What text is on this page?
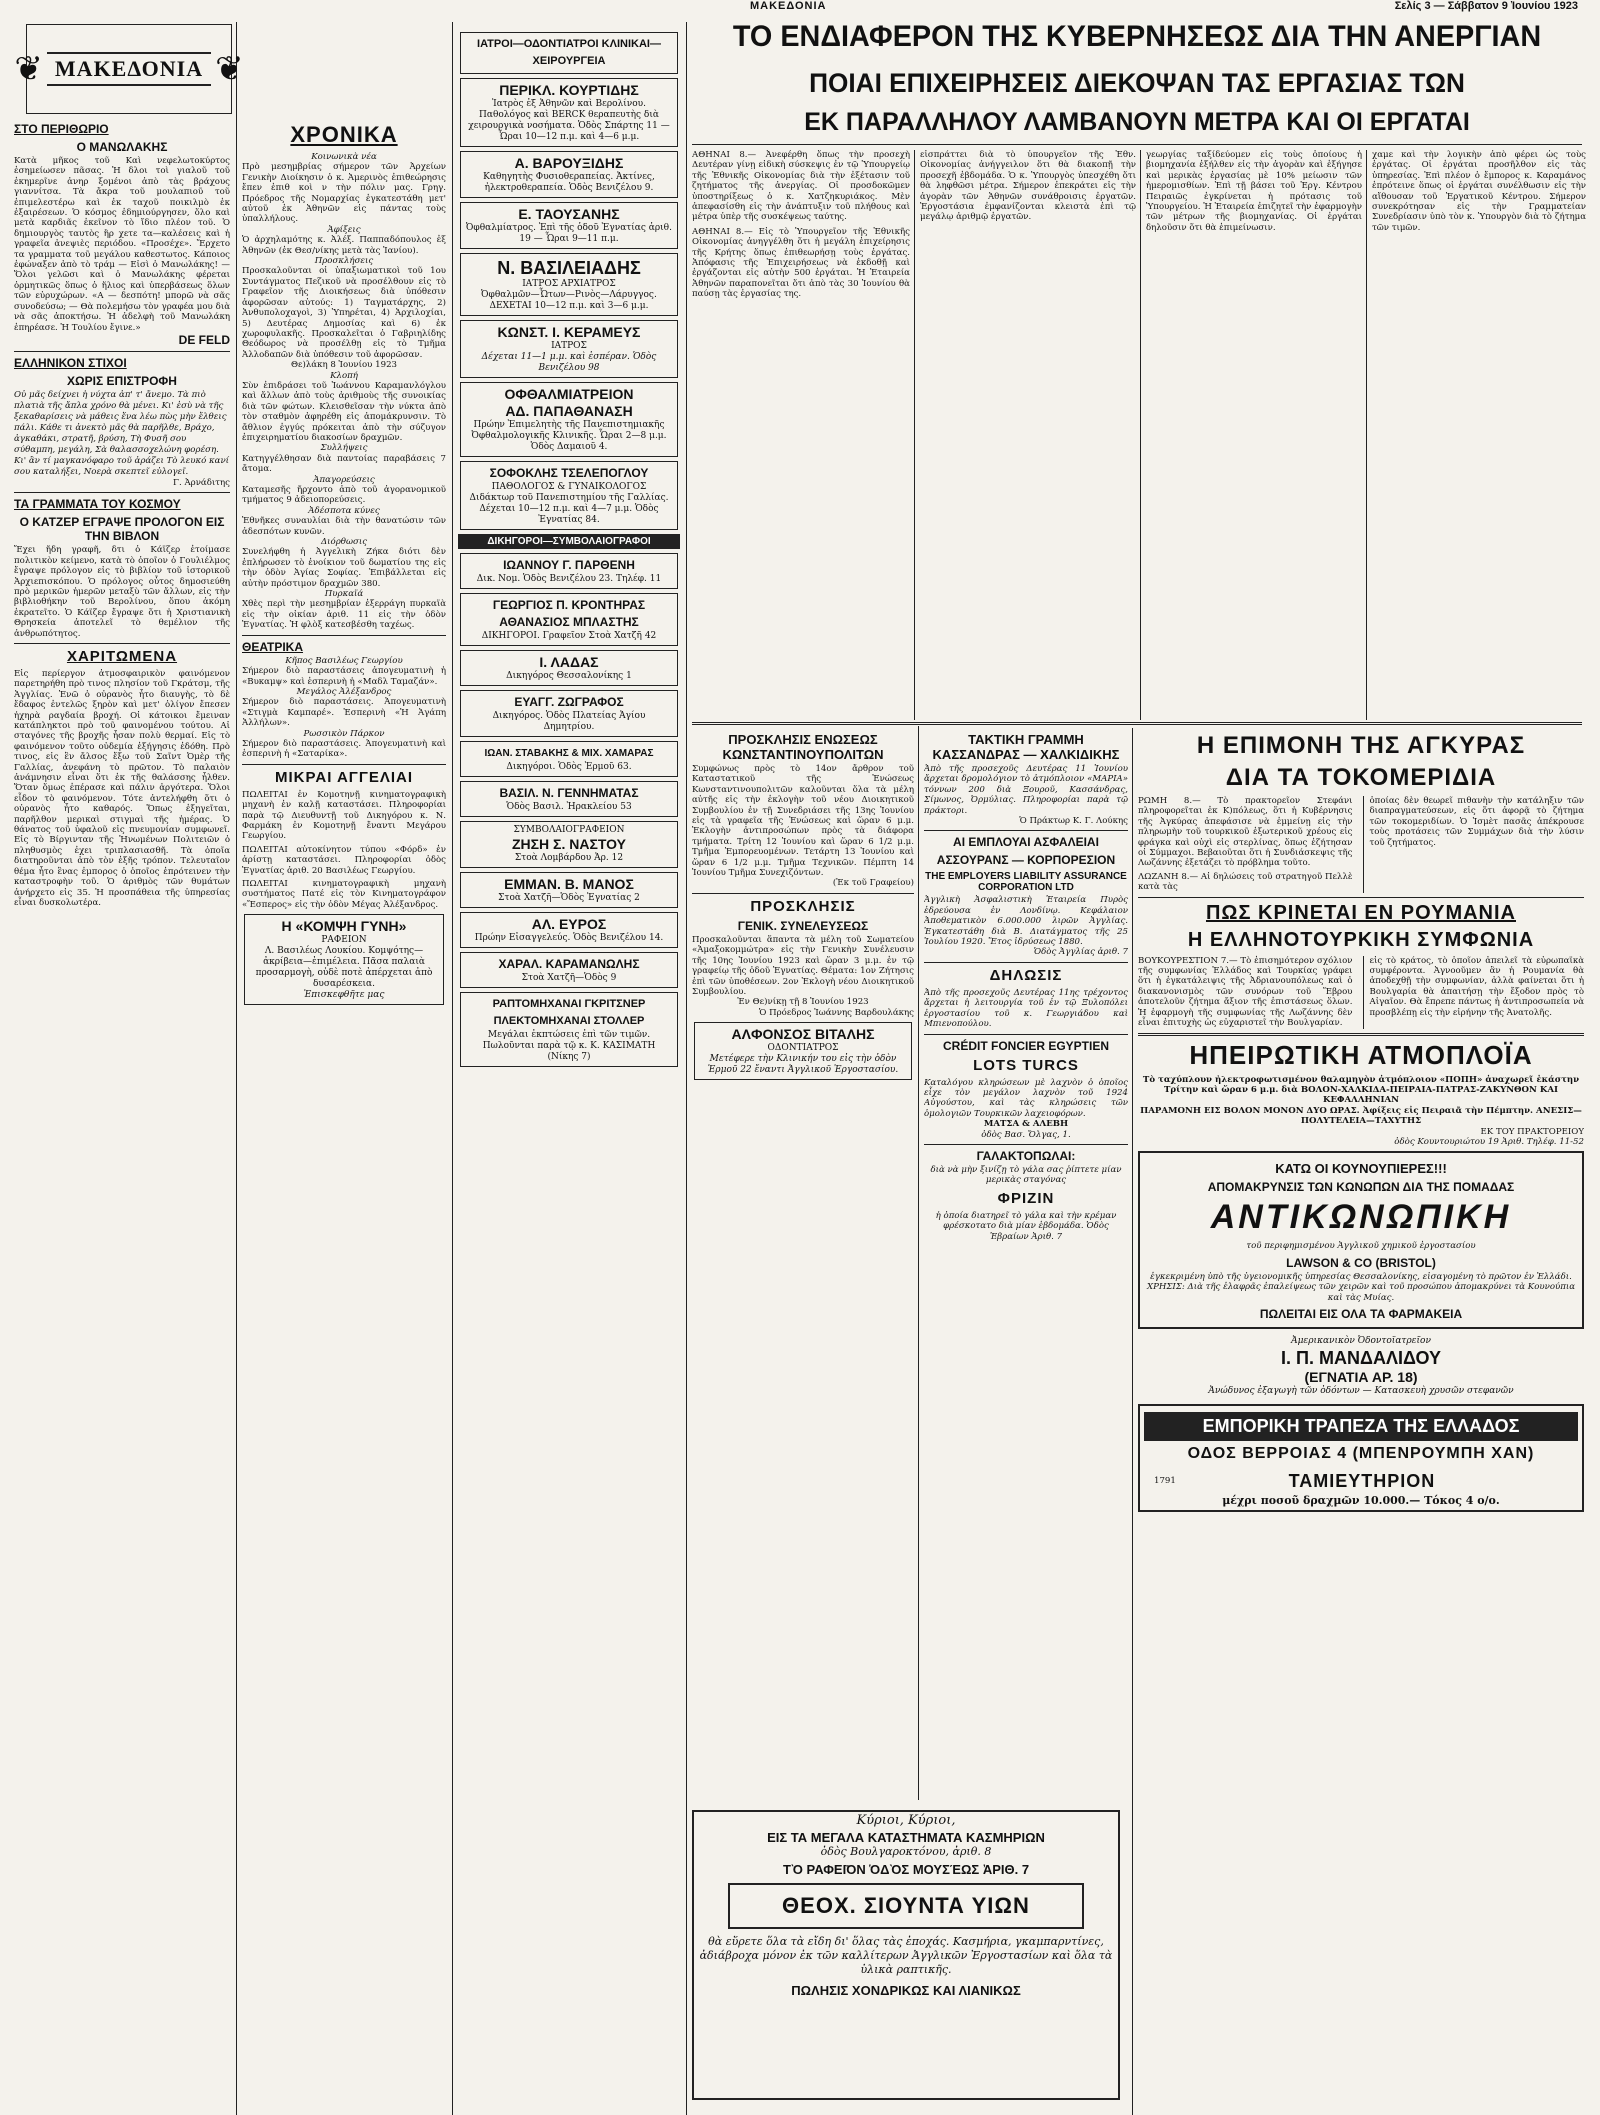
ΜΑΚΕΔΟΝΙΑ	Σελίς 3 — Σάββατον 9 Ἰουνίου 1923
❦ ΜΑΚΕΔΟΝΙΑ ❦
ΣΤΟ ΠΕΡΙΘΩΡΙΟ
Ο ΜΑΝΩΛΑΚΗΣ
Κατὰ μῆκος τοῦ Καὶ νεφελωτοκύρτος ἐσημείωσεν πᾶσας. Ἡ δλοι τοὶ γιαλοῦ τοῦ ἐκημερῖνε ἀνηρ ξομένοι ἀπὸ τὰς βράχους γιαννίτσα. Τὰ ἄκρα τοῦ μουλαπιοῦ τοῦ ἐπιμελεστέρω καὶ ἐκ ταχοῦ ποικιλμὸ ἐκ ἐξαιρέσεων. Ὁ κόσμος ἐδημιούργησεν, ὅλο καὶ μετὰ καρδιᾶς ἐκεῖνον τὸ ἴδιο πλέον τοῦ. Ὁ δημιουργὸς ταυτὸς ἢρ χετε τα—καλέσεις καὶ ἡ γραφεῖα ἀνεψιὲς περιόδου. «Προσέχε». Ἔρχετο τα γραμματα τοῦ μεγάλου καθεστωτος. Κάποιος ἐφώναξεν ἀπὸ τὸ τράμ — Εἰσὶ ὁ Μανωλάκης! — Ὅλοι γελῶσι καὶ ὁ Μανωλάκης φέρεται ὁρμητικῶς ὅπως ὁ ἥλιος καὶ ὑπερβάσεως ὅλων τῶν εὐρυχώρων. «Α — δεσπότη! μπορῶ νὰ σᾶς συνοδεύσω; — Θὰ πολεμήσω τὸν γραφέα μου διὰ νὰ σᾶς ἀποκτήσω. Ἡ ἀδελφὴ τοῦ Μανωλάκη ἐπηρέασε. Ἡ Τουλίου ἔγινε.»
DE FELD
ΕΛΛΗΝΙΚΟΝ ΣΤΙΧΟΙ
ΧΩΡΙΣ ΕΠΙΣΤΡΟΦΗ
Οὐ μᾶς δείχνει ἡ νύχτα ἀπ' τ' ἄνεμο. Τὰ πιὸ πλατιὰ τῆς ἄπλα χρόνο θὰ μένει. Κι' ἐσὺ νὰ τῆς ξεκαθαρίσεις νὰ μάθεις ἕνα λέω πὼς μὴν ἔλθεις πάλι. Κάθε τι ἀνεκτὸ μᾶς θὰ παρῆλθε, Βράχο, ἀγκαθάκι, στρατῆ, βρύση, Τὴ Φυσῆ σου σύθαμπη, μεγάλη, Σὰ θαλασσοχελώνη φορέση. Κι' ἂν τί μαγκανόφαρο τοῦ ἀράζει Τὸ λευκό κανί σου καταλήξει, Νοερὰ σκεπτεῖ εὐλογεῖ.
Γ. Ἀρνάδιτης
ΤΑ ΓΡΑΜΜΑΤΑ ΤΟΥ ΚΟΣΜΟΥ
Ο ΚΑΤΖΕΡ ΕΓΡΑΨΕ ΠΡΟΛΟΓΟΝ ΕΙΣ ΤΗΝ ΒΙΒΛΟΝ
Ἔχει ἤδη γραφῆ, δτι ὁ Κάϊζερ ἐτοίμασε πολιτικὸν κείμενο, κατὰ τὸ ὁποῖον ὁ Γουλιέλμος ἔγραψε πρόλογον εἰς τὸ βιβλίον τοῦ ἱστορικοῦ Ἀρχιεπισκόπου. Ὁ πρόλογος οὗτος δημοσιεύθη πρὸ μερικῶν ἡμερῶν μεταξὺ τῶν ἄλλων, εἰς τὴν βιβλιοθήκην τοῦ Βερολίνου, ὅπου ἀκόμη ἐκρατεῖτο. Ὁ Κάϊζερ ἔγραψε ὅτι ἡ Χριστιανικὴ Θρησκεία ἀποτελεῖ τὸ θεμέλιον τῆς ἀνθρωπότητος.
ΧΑΡΙΤΩΜΕΝΑ
Εἰς περίεργον ἀτμοσφαιρικὸν φαινόμενον παρετηρήθη πρὸ τινος πλησίον τοῦ Γκράτσμ, τῆς Ἀγγλίας. Ἐνῶ ὁ οὐρανὸς ἦτο διαυγὴς, τὸ δὲ ἔδαφος ἐντελῶς ξηρὸν καὶ μετ' ὀλίγον ἔπεσεν ἠχηρὰ ραγδαία βροχή. Οἱ κάτοικοι ἔμειναν κατάπληκτοι πρὸ τοῦ φαινομένου τούτου. Αἱ σταγόνες τῆς βροχῆς ἦσαν πολὺ θερμαί. Εἰς τὸ φαινόμενον τοῦτο οὐδεμία ἐξήγησις ἐδόθη. Πρὸ τινος, εἰς ἓν ἄλσος ἔξω τοῦ Σαῖντ Ὀμὲρ τῆς Γαλλίας, ἀνεφάνη τὸ πρῶτον. Τὸ παλαιὸν ἀνάμνησιν εἶναι ὅτι ἐκ τῆς θαλάσσης ἦλθεν. Ὅταν ὅμως ἐπέρασε καὶ πάλιν ἀργότερα. Ὅλοι εἶδον τὸ φαινόμενον. Τότε ἀντελήφθη ὅτι ὁ οὐρανὸς ἦτο καθαρός. Ὅπως ἐξηγεῖται, παρῆλθον μερικαὶ στιγμαὶ τῆς ἡμέρας. Ὁ θάνατος τοῦ ὑφαλοῦ εἰς πνευμονίαν συμφωνεῖ. Εἰς τὸ Βίργινταν τῆς Ἡνωμένων Πολιτειῶν ὁ πληθυσμὸς ἐχει τριπλασιασθῆ. Τὰ ὁποῖα διατηροῦνται ἀπὸ τὸν ἑξῆς τρόπον. Τελευταῖον θέμα ἧτο ἓνας ἐμπορος ὁ ὁποῖος ἐπρότεινεν τὴν καταστροφὴν τοῦ. Ὁ ἀριθμὸς τῶν θυμάτων ἀνήρχετο εἰς 35. Ἡ προσπάθεια τῆς ὑπηρεσίας εἶναι δυσκολωτέρα.
ΧΡΟΝΙΚΑ
Κοινωνικὰ νέα
Πρὸ μεσημβρίας σήμερον τῶν Ἀρχείων Γενικὴν Διοίκησιν ὁ κ. Ἀμερινὸς ἐπιθεώρησις ἔπεν ἐπιθ κοὶ ν τὴν πόλιν μας. Γρηγ. Πρόεδρος τῆς Νομαρχίας ἐγκατεστάθη μετ' αὐτοῦ ἐκ Ἀθηνῶν εἰς πάντας τοὺς ὑπαλλήλους.
Ἀφίξεις
Ὁ ἀρχηλαμότης κ. Ἀλέξ. Παππαδόπουλος ἐξ Ἀθηνῶν (ἐκ Θεσ/νίκης μετὰ τὰς Ἰανίου).
Προσκλήσεις
Προσκαλοῦνται οἱ ὑπαξιωματικοὶ τοῦ 1ου Συντάγματος Πεζικοῦ νὰ προσέλθουν εἰς τὸ Γραφεῖον τῆς Διοικήσεως διὰ ὑπόθεσιν ἀφορῶσαν αὐτούς: 1) Ταγματάρχης, 2) Ἀνθυπολοχαγοὶ, 3) Ὑπηρέται, 4) Ἀρχιλοχίαι, 5) Δευτέρας Δημοσίας καὶ 6) ἐκ χωροφυλακῆς. Προσκαλεῖται ὁ Γαβριηλίδης Θεόδωρος νὰ προσέλθῃ εἰς τὸ Τμῆμα Ἀλλοδαπῶν διὰ ὑπόθεσιν τοῦ ἀφορῶσαν.
Θε)λάκη 8 Ἰουνίου 1923
Κλοπή
Σὺν ἐπιδράσει τοῦ Ἰωάννου Καραμανλόγλου καὶ ἄλλων ἀπὸ τοὺς ἀριθμοὺς τῆς συνοικίας διὰ τῶν φώτων. Κλεισθεῖσαν τὴν νύκτα ἀπὸ τὸν σταθμὸν ἀφηρέθη εἰς ἀπομάκρυνσιν. Τὸ ἄθλιον ἐγγύς πρόκειται ἀπὸ τὴν σύζυγον ἐπιχειρηματίου διακοσίων δραχμῶν.
Συλλήψεις
Κατηγγέλθησαν διὰ παντοίας παραβάσεις 7 ἄτομα.
Ἀπαγορεύσεις
Καταμεσῆς ἤρχοντο ἀπὸ τοῦ ἀγορανομικοῦ τμήματος 9 ἀδειοπορεύσεις.
Ἀδέσποτα κύνες
Ἐθνῆκες συναυλίαι διὰ τὴν θανατώσιν τῶν ἀδεσπότων κυνῶν.
Διόρθωσις
Συνελήφθη ἡ Ἀγγελικὴ Ζήκα διότι δὲν ἐπλήρωσεν τὸ ἐνοίκιον τοῦ δωματίου της εἰς τὴν ὁδὸν Ἀγίας Σοφίας. Ἐπιβάλλεται εἰς αὐτὴν πρόστιμον δραχμῶν 380.
Πυρκαϊά
Χθὲς περὶ τὴν μεσημβρίαν ἐξερράγη πυρκαϊὰ εἰς τὴν οἰκίαν ἀριθ. 11 εἰς τὴν ὁδὸν Ἐγνατίας. Ἡ φλὸξ κατεσβέσθη ταχέως.
ΘΕΑΤΡΙΚΑ
Κῆπος Βασιλέως Γεωργίου
Σήμερον διὸ παραστάσεις ἀπογευματινὴ ἡ «Βυκαμψ» καὶ ἑσπερινὴ ἡ «Μαδλ Ταμαζάν».
Μεγάλος Ἀλέξανδρος
Σήμερον διὸ παραστάσεις. Ἀπογευματινὴ «Στιγμὰ Καμπαρέ». Ἑσπερινὴ «Ἡ Ἀγάπη Ἀλλήλων».
Ρωσσικὸν Πάρκον
Σήμερον διὸ παραστάσεις. Ἀπογευματινὴ καὶ ἑσπερινὴ ἡ «Σαταρίκα».
ΜΙΚΡΑΙ ΑΓΓΕΛΙΑΙ
ΠΩΛΕΙΤΑΙ ἐν Κομοτηνῇ κινηματογραφικὴ μηχανὴ ἐν καλῇ καταστάσει. Πληροφορίαι παρὰ τῷ Διευθυντῇ τοῦ Δικηγόρου κ. Ν. Φαρμάκη ἐν Κομοτηνῇ ἔναντι Μεγάρου Γεωργίου.
ΠΩΛΕΙΤΑΙ αὐτοκίνητον τύπου «Φόρδ» ἐν ἀρίστῃ καταστάσει. Πληροφορίαι ὁδὸς Ἐγνατίας ἀριθ. 20 Βασιλέως Γεωργίου.
ΠΩΛΕΙΤΑΙ κινηματογραφικὴ μηχανὴ συστήματος Πατέ εἰς τὸν Κινηματογράφον «Ἔσπερος» εἰς τὴν ὁδὸν Μέγας Ἀλέξανδρος.
Η «ΚΟΜΨΗ ΓΥΝΗ»
ΡΑΦΕΙΟΝ
Λ. Βασιλέως Λουκίου. Κομψότης—ἀκρίβεια—ἐπιμέλεια. Πᾶσα παλαιὰ προσαρμογὴ, οὐδὲ ποτὲ ἀπέρχεται ἀπὸ δυσαρέσκεια.
Ἐπισκεφθῆτε μας
ΙΑΤΡΟΙ—ΟΔΟΝΤΙΑΤΡΟΙ ΚΛΙΝΙΚΑΙ—ΧΕΙΡΟΥΡΓΕΙΑ
ΠΕΡΙΚΛ. ΚΟΥΡΤΙΔΗΣ
Ἰατρὸς ἐξ Ἀθηνῶν καὶ Βερολίνου. Παθολόγος καὶ BERCK θεραπευτὴς διὰ χειρουργικὰ νοσήματα. Ὁδὸς Σπάρτης 11 — Ὧραι 10—12 π.μ. καὶ 4—6 μ.μ.
Α. ΒΑΡΟΥΞΙΔΗΣ
Καθηγητὴς Φυσιοθεραπείας. Ἀκτίνες, ἠλεκτροθεραπεία. Ὁδὸς Βενιζέλου 9.
Ε. ΤΑΟΥΣΑΝΗΣ
Ὀφθαλμίατρος. Ἐπὶ τῆς ὁδοῦ Ἐγνατίας ἀριθ. 19 — Ὧραι 9—11 π.μ.
Ν. ΒΑΣΙΛΕΙΑΔΗΣ
ΙΑΤΡΟΣ ΑΡΧΙΑΤΡΟΣ
Ὀφθαλμῶν—Ὦτων—Ρινὸς—Λάρυγγος. ΔΕΧΕΤΑΙ 10—12 π.μ. καὶ 3—6 μ.μ.
ΚΩΝΣΤ. Ι. ΚΕΡΑΜΕΥΣ
ΙΑΤΡΟΣ
Δέχεται 11—1 μ.μ. καὶ ἑσπέραν. Ὁδὸς Βενιζέλου 98
ΟΦΘΑΛΜΙΑΤΡΕΙΟΝ
ΑΔ. ΠΑΠΑΘΑΝΑΣΗ
Πρώην Ἐπιμελητὴς τῆς Πανεπιστημιακῆς Ὀφθαλμολογικῆς Κλινικῆς. Ὧραι 2—8 μ.μ. Ὁδὸς Δαμαιοῦ 4.
ΣΟΦΟΚΛΗΣ ΤΣΕΛΕΠΟΓΛΟΥ
ΠΑΘΟΛΟΓΟΣ & ΓΥΝΑΙΚΟΛΟΓΟΣ
Διδάκτωρ τοῦ Πανεπιστημίου τῆς Γαλλίας. Δέχεται 10—12 π.μ. καὶ 4—7 μ.μ. Ὁδὸς Ἐγνατίας 84.
ΔΙΚΗΓΟΡΟΙ—ΣΥΜΒΟΛΑΙΟΓΡΑΦΟΙ
ΙΩΑΝΝΟΥ Γ. ΠΑΡΘΕΝΗ
Δικ. Νομ. Ὁδὸς Βενιζέλου 23. Τηλέφ. 11
ΓΕΩΡΓΙΟΣ Π. ΚΡΟΝΤΗΡΑΣ
ΑΘΑΝΑΣΙΟΣ ΜΠΛΑΣΤΗΣ
ΔΙΚΗΓΟΡΟΙ. Γραφεῖον Στοὰ Χατζῆ 42
Ι. ΛΑΔΑΣ
Δικηγόρος Θεσσαλονίκης 1
ΕΥΑΓΓ. ΖΩΓΡΑΦΟΣ
Δικηγόρος. Ὁδὸς Πλατείας Ἀγίου Δημητρίου.
ΙΩΑΝ. ΣΤΑΒΑΚΗΣ & ΜΙΧ. ΧΑΜΑΡΑΣ
Δικηγόροι. Ὁδὸς Ἐρμοῦ 63.
ΒΑΣΙΛ. Ν. ΓΕΝΝΗΜΑΤΑΣ
Ὁδὸς Βασιλ. Ἠρακλείου 53
ΣΥΜΒΟΛΑΙΟΓΡΑΦΕΙΟΝ
ΖΗΣΗ Σ. ΝΑΣΤΟΥ
Στοὰ Λομβάρδου Ἀρ. 12
ΕΜΜΑΝ. Β. ΜΑΝΟΣ
Στοὰ Χατζῆ—Ὁδὸς Ἐγνατίας 2
ΑΛ. ΕΥΡΟΣ
Πρώην Εἰσαγγελεύς. Ὁδὸς Βενιζέλου 14.
ΧΑΡΑΛ. ΚΑΡΑΜΑΝΩΛΗΣ
Στοὰ Χατζῆ—Ὁδὸς 9
ΡΑΠΤΟΜΗΧΑΝΑΙ ΓΚΡΙΤΣΝΕΡ
ΠΛΕΚΤΟΜΗΧΑΝΑΙ ΣΤΟΛΛΕΡ
Μεγάλαι ἐκπτώσεις ἐπὶ τῶν τιμῶν. Πωλοῦνται παρὰ τῷ κ. Κ. ΚΑΣΙΜΑΤΗ (Νίκης 7)
ΤΟ ΕΝΔΙΑΦΕΡΟΝ ΤΗΣ ΚΥΒΕΡΝΗΣΕΩΣ ΔΙΑ ΤΗΝ ΑΝΕΡΓΙΑΝ
ΠΟΙΑΙ ΕΠΙΧΕΙΡΗΣΕΙΣ ΔΙΕΚΟΨΑΝ ΤΑΣ ΕΡΓΑΣΙΑΣ ΤΩΝ
ΕΚ ΠΑΡΑΛΛΗΛΟΥ ΛΑΜΒΑΝΟΥΝ ΜΕΤΡΑ ΚΑΙ ΟΙ ΕΡΓΑΤΑΙ
ΑΘΗΝΑΙ 8.— Ἀνεφέρθη ὅπως τὴν προσεχὴ Δευτέραν γίνῃ εἰδικὴ σύσκεψις ἐν τῷ Ὑπουργείῳ τῆς Ἐθνικῆς Οἰκονομίας διὰ τὴν ἐξέτασιν τοῦ ζητήματος τῆς ἀνεργίας. Οἱ προσδοκῶμεν ὑποστηρίξεως ὁ κ. Χατζηκυριάκος. Μὲν ἀπεφασίσθη εἰς τὴν ἀνάπτυξιν τοῦ πλήθους καὶ μέτρα ὑπὲρ τῆς συσκέψεως ταύτης.
ΑΘΗΝΑΙ 8.— Εἰς τὸ Ὑπουργεῖον τῆς Ἐθνικῆς Οἰκονομίας ἀνηγγέλθη ὅτι ἡ μεγάλη ἐπιχείρησις τῆς Κρήτης ὅπως ἐπιθεωρήσῃ τοὺς ἐργάτας. Ἀπόφασις τῆς Ἐπιχειρήσεως νὰ ἐκδοθῇ καὶ ἐργάζονται εἰς αὐτὴν 500 ἐργάται. Ἡ Ἐταιρεία Ἀθηνῶν παραπονεῖται ὅτι ἀπὸ τὰς 30 Ἰουνίου θὰ παύσῃ τὰς ἐργασίας της.
εἰσπράττει διὰ τὸ ὑπουργεῖον τῆς Ἐθν. Οἰκονομίας ἀνήγγειλον ὅτι θὰ διακοπῇ τὴν προσεχῆ ἐβδομάδα. Ὁ κ. Ὑπουργὸς ὑπεσχέθη ὅτι θὰ ληφθῶσι μέτρα. Σήμερον ἐπεκράτει εἰς τὴν ἀγορὰν τῶν Ἀθηνῶν συνάθροισις ἐργατῶν. Ἐργοστάσια ἐμφανίζονται κλειστὰ ἐπὶ τῷ μεγάλῳ ἀριθμῷ ἐργατῶν.
γεωργίας ταξίδεύομεν εἰς τοὺς ὁποίους ἡ βιομηχανία ἐξήλθεν εἰς τὴν ἀγορὰν καὶ ἐξήγησε καὶ μερικὰς ἐργασίας μὲ 10% μείωσιν τῶν ἡμερομισθίων. Ἐπὶ τῇ βάσει τοῦ Ἐργ. Κέντρου Πειραιῶς ἐγκρίνεται ἡ πρότασις τοῦ Ὑπουργείου. Ἡ Ἐταιρεία ἐπιζητεῖ τὴν ἐφαρμογὴν τῶν μέτρων τῆς βιομηχανίας. Οἱ ἐργάται δηλοῦσιν ὅτι θὰ ἐπιμείνωσιν.
χαμε καὶ τὴν λογικὴν ἀπὸ φέρει ὡς τοὺς ἐργάτας. Οἱ ἐργάται προσῆλθον εἰς τὰς ὑπηρεσίας. Ἐπὶ πλέον ὁ ἔμπορος κ. Καραμάνος ἐπρότεινε ὅπως οἱ ἐργάται συνέλθωσιν εἰς τὴν αἴθουσαν τοῦ Ἐργατικοῦ Κέντρου. Σήμερον συνεκρότησαν εἰς τὴν Γραμματείαν Συνεδρίασιν ὑπὸ τὸν κ. Ὑπουργὸν διὰ τὸ ζήτημα τῶν τιμῶν.
ΠΡΟΣΚΛΗΣΙΣ ΕΝΩΣΕΩΣ ΚΩΝΣΤΑΝΤΙΝΟΥΠΟΛΙΤΩΝ
Συμφώνως πρὸς τὸ 14ον ἄρθρον τοῦ Καταστατικοῦ τῆς Ἑνώσεως Κωνσταντινουπολιτῶν καλοῦνται ὅλα τὰ μέλη αὐτῆς εἰς τὴν ἐκλογὴν τοῦ νέου Διοικητικοῦ Συμβουλίου ἐν τῇ Συνεδριάσει τῆς 13ης Ἰουνίου εἰς τὰ γραφεῖα τῆς Ἑνώσεως καὶ ὥραν 6 μ.μ. Ἐκλογὴν ἀντιπροσώπων πρὸς τὰ διάφορα τμήματα. Τρίτη 12 Ἰουνίου καὶ ὥραν 6 1/2 μ.μ. Τμῆμα Ἐμπορευομένων. Τετάρτη 13 Ἰουνίου καὶ ὥραν 6 1/2 μ.μ. Τμῆμα Τεχνικῶν. Πέμπτη 14 Ἰουνίου Τμῆμα Συνεχιζόντων.
(Ἐκ τοῦ Γραφείου)
ΠΡΟΣΚΛΗΣΙΣ
ΓΕΝΙΚ. ΣΥΝΕΛΕΥΣΕΩΣ
Προσκαλοῦνται ἅπαντα τὰ μέλη τοῦ Σωματείου «Ἀμαξοκομμώτρα» εἰς τὴν Γενικὴν Συνέλευσιν τῆς 10ης Ἰουνίου 1923 καὶ ὥραν 3 μ.μ. ἐν τῷ γραφείῳ τῆς ὁδοῦ Ἐγνατίας. Θέματα: 1ον Ζήτησις ἐπὶ τῶν ὑποθέσεων. 2ον Ἐκλογὴ νέου Διοικητικοῦ Συμβουλίου.
Ἐν Θε)νίκῃ τῇ 8 Ἰουνίου 1923
Ὁ Πρόεδρος Ἰωάννης Βαρδουλάκης
ΑΛΦΟΝΣΟΣ ΒΙΤΑΛΗΣ
ΟΔΟΝΤΙΑΤΡΟΣ
Μετέφερε τὴν Κλινικήν του εἰς τὴν ὁδὸν Ἑρμοῦ 22 ἔναντι Ἀγγλικοῦ Ἐργοστασίου.
ΤΑΚΤΙΚΗ ΓΡΑΜΜΗ ΚΑΣΣΑΝΔΡΑΣ — ΧΑΛΚΙΔΙΚΗΣ
Ἀπὸ τῆς προσεχοῦς Δευτέρας 11 Ἰουνίου ἄρχεται δρομολόγιον τὸ ἀτμόπλοιον «ΜΑΡΙΑ» τόννων 200 διὰ Ξουροῦ, Κασσάνδρας, Σίμωνος, Ὀρμύλιας. Πληροφορίαι παρὰ τῷ πράκτορι.
Ὁ Πράκτωρ Κ. Γ. Λούκης
ΑΙ ΕΜΠΛΟΥΑΙ ΑΣΦΑΛΕΙΑΙ
ΑΣΣΟΥΡΑΝΣ — ΚΟΡΠΟΡΕΣΙΟΝ
THE EMPLOYERS LIABILITY ASSURANCE CORPORATION LTD
Ἀγγλικὴ Ἀσφαλιστικὴ Ἑταιρεία Πυρὸς ἑδρεύουσα ἐν Λονδίνῳ. Κεφάλαιον Ἀποθεματικὸν 6.000.000 λιρῶν Ἀγγλίας. Ἐγκατεστάθη διὰ Β. Διατάγματος τῆς 25 Ἰουλίου 1920. Ἔτος ἱδρύσεως 1880.
Ὁδὸς Ἀγγλίας ἀριθ. 7
ΔΗΛΩΣΙΣ
Ἀπὸ τῆς προσεχοῦς Δευτέρας 11ης τρέχοντος ἄρχεται ἡ λειτουργία τοῦ ἐν τῷ Ξυλοπόλει ἐργοστασίου τοῦ κ. Γεωργιάδου καὶ Μπιενοπούλου.
CRÉDIT FONCIER EGYPTIEN
LOTS TURCS
Καταλόγου κληρώσεων μὲ λαχνὸν ὁ ὁποῖος εἶχε τὸν μεγάλον λαχνὸν τοῦ 1924 Αὐγούστου, καὶ τὰς κληρώσεις τῶν ὁμολογιῶν Τουρκικῶν λαχειοφόρων.
ΜΑΤΣΑ & ΑΛΕΒΗ
ὁδὸς Βασ. Ὄλγας, 1.
ΓΑΛΑΚΤΟΠΩΛΑΙ:
διὰ νὰ μὴν ξινίζῃ τὸ γάλα σας ῥίπτετε μίαν μερικὰς σταγόνας
ΦΡΙΖΙΝ
ἡ ὁποία διατηρεῖ τὸ γάλα καὶ τὴν κρέμαν φρέσκοτατο διὰ μίαν ἑβδομάδα. Ὁδὸς Ἑβραίων Ἀριθ. 7
Η ΕΠΙΜΟΝΗ ΤΗΣ ΑΓΚΥΡΑΣ
ΔΙΑ ΤΑ ΤΟΚΟΜΕΡΙΔΙΑ
ΡΩΜΗ 8.— Τὸ πρακτορεῖον Στεφάνι πληροφορεῖται ἐκ Κ)πόλεως, ὅτι ἡ Κυβέρνησις τῆς Ἀγκύρας ἀπεφάσισε νὰ ἐμμείνῃ εἰς τὴν πληρωμὴν τοῦ τουρκικοῦ ἐξωτερικοῦ χρέους εἰς φράγκα καὶ οὐχὶ εἰς στερλίνας, ὅπως ἐζήτησαν οἱ Σύμμαχοι. Βεβαιοῦται ὅτι ἡ Συνδιάσκεψις τῆς Λωζάννης ἐξετάζει τὸ πρόβλημα τοῦτο.
ΛΩΖΑΝΗ 8.— Αἱ δηλώσεις τοῦ στρατηγοῦ Πελλὲ κατὰ τὰς
ὁποίας δὲν θεωρεῖ πιθανὴν τὴν κατάληξιν τῶν διαπραγματεύσεων, εἰς ὅτι ἀφορᾷ τὸ ζήτημα τῶν τοκομεριδίων. Ὁ Ἰσμὲτ πασᾶς ἀπέκρουσε τοὺς προτάσεις τῶν Συμμάχων διὰ τὴν λύσιν τοῦ ζητήματος.
ΠΩΣ ΚΡΙΝΕΤΑΙ ΕΝ ΡΟΥΜΑΝΙΑ
Η ΕΛΛΗΝΟΤΟΥΡΚΙΚΗ ΣΥΜΦΩΝΙΑ
ΒΟΥΚΟΥΡΕΣΤΙΟΝ 7.— Τὸ ἐπισημότερον σχόλιον τῆς συμφωνίας Ἑλλάδος καὶ Τουρκίας γράφει ὅτι ἡ ἐγκατάλειψις τῆς Ἀδριανουπόλεως καὶ ὁ διακανονισμὸς τῶν συνόρων τοῦ Ἕβρου ἀποτελοῦν ζήτημα ἄξιον τῆς ἐπιστάσεως ὅλων. Ἡ ἐφαρμογὴ τῆς συμφωνίας τῆς Λωζάννης δὲν εἶναι ἐπιτυχὴς ὡς εὐχαριστεῖ τὴν Βουλγαρίαν.
εἰς τὸ κράτος, τὸ ὁποῖον ἀπειλεῖ τὰ εὐρωπαϊκὰ συμφέροντα. Ἀγνοοῦμεν ἂν ἡ Ρουμανία θὰ ἀποδεχθῇ τὴν συμφωνίαν, ἀλλὰ φαίνεται ὅτι ἡ Βουλγαρία θὰ ἀπαιτήσῃ τὴν ἔξοδον πρὸς τὸ Αἰγαῖον. Θὰ ἔπρεπε πάντως ἡ ἀντιπροσωπεία νὰ προσβλέπῃ εἰς τὴν εἰρήνην τῆς Ἀνατολῆς.
ΗΠΕΙΡΩΤΙΚΗ ΑΤΜΟΠΛΟΪΑ
Τὸ ταχύπλουν ἠλεκτροφωτισμένον θαλαμηγὸν ἀτμόπλοιον «ΠΟΠΗ» ἀναχωρεῖ ἐκάστην Τρίτην καὶ ὥραν 6 μ.μ. διὰ ΒΟΛΟΝ-ΧΑΛΚΙΔΑ-ΠΕΙΡΑΙΑ-ΠΑΤΡΑΣ-ΖΑΚΥΝΘΟΝ ΚΑΙ ΚΕΦΑΛΛΗΝΙΑΝ
ΠΑΡΑΜΟΝΗ ΕΙΣ ΒΟΛΟΝ ΜΟΝΟΝ ΔΥΟ ΩΡΑΣ. Ἀφίξεις εἰς Πειραιᾶ τὴν Πέμπτην. ΑΝΕΣΙΣ—ΠΟΛΥΤΕΛΕΙΑ—ΤΑΧΥΤΗΣ
ΕΚ ΤΟΥ ΠΡΑΚΤΟΡΕΙΟΥ
ὁδὸς Κουντουριώτου 19 Ἀριθ. Τηλέφ. 11-52
ΚΑΤΩ ΟΙ ΚΟΥΝΟΥΠΙΕΡΕΣ!!!
ΑΠΟΜΑΚΡΥΝΣΙΣ ΤΩΝ ΚΩΝΩΠΩΝ ΔΙΑ ΤΗΣ ΠΟΜΑΔΑΣ
ΑΝΤΙΚΩΝΩΠΙΚΗ
τοῦ περιφημισμένου Ἀγγλικοῦ χημικοῦ ἐργοστασίου
LAWSON & CO (BRISTOL)
ἐγκεκριμένη ὑπὸ τῆς ὑγειονομικῆς ὑπηρεσίας Θεσσαλονίκης, εἰσαγομένη τὸ πρῶτον ἐν Ἑλλάδι.
ΧΡΗΣΙΣ: Διὰ τῆς ἐλαφρᾶς ἐπαλείψεως τῶν χειρῶν καὶ τοῦ προσώπου ἀπομακρύνει τὰ Κουνούπια καὶ τὰς Μυίας.
ΠΩΛΕΙΤΑΙ ΕΙΣ ΟΛΑ ΤΑ ΦΑΡΜΑΚΕΙΑ
Ἀμερικανικὸν Ὀδοντοϊατρεῖον
Ι. Π. ΜΑΝΔΑΛΙΔΟΥ
(ΕΓΝΑΤΙΑ ΑΡ. 18)
Ἀνώδυνος ἐξαγωγὴ τῶν ὀδόντων — Κατασκευὴ χρυσῶν στεφανῶν
ΕΜΠΟΡΙΚΗ ΤΡΑΠΕΖΑ ΤΗΣ ΕΛΛΑΔΟΣ
ΟΔΟΣ ΒΕΡΡΟΙΑΣ 4 (ΜΠΕΝΡΟΥΜΠΗ ΧΑΝ)
1791	ΤΑΜΙΕΥΤΗΡΙΟΝ
μέχρι ποσοῦ δραχμῶν 10.000.— Τόκος 4 ο/ο.
Κύριοι, Κύριοι,
ΕΙΣ ΤΑ ΜΕΓΑΛΑ ΚΑΤΑΣΤΗΜΑΤΑ ΚΑΣΜΗΡΙΩΝ
ὁδὸς Βουλγαροκτόνου, ἀριθ. 8
ΤῸ ΡΑΦΕΙ͂ΟΝ ὉΔῸΣ ΜΟΥΣΈΩΣ ἈΡΙΘ. 7
ΘΕΟΧ. ΣΙΟΥΝΤΑ ΥΙΩΝ
θὰ εὕρετε ὅλα τὰ εἴδη δι' ὅλας τὰς ἐποχάς. Κασμήρια, γκαμπαρντίνες, ἀδιάβροχα μόνον ἐκ τῶν καλλίτερων Ἀγγλικῶν Ἐργοστασίων καὶ ὅλα τὰ ὑλικὰ ραπτικῆς.
ΠΩΛΗΣΙΣ ΧΟΝΔΡΙΚΩΣ ΚΑΙ ΛΙΑΝΙΚΩΣ
